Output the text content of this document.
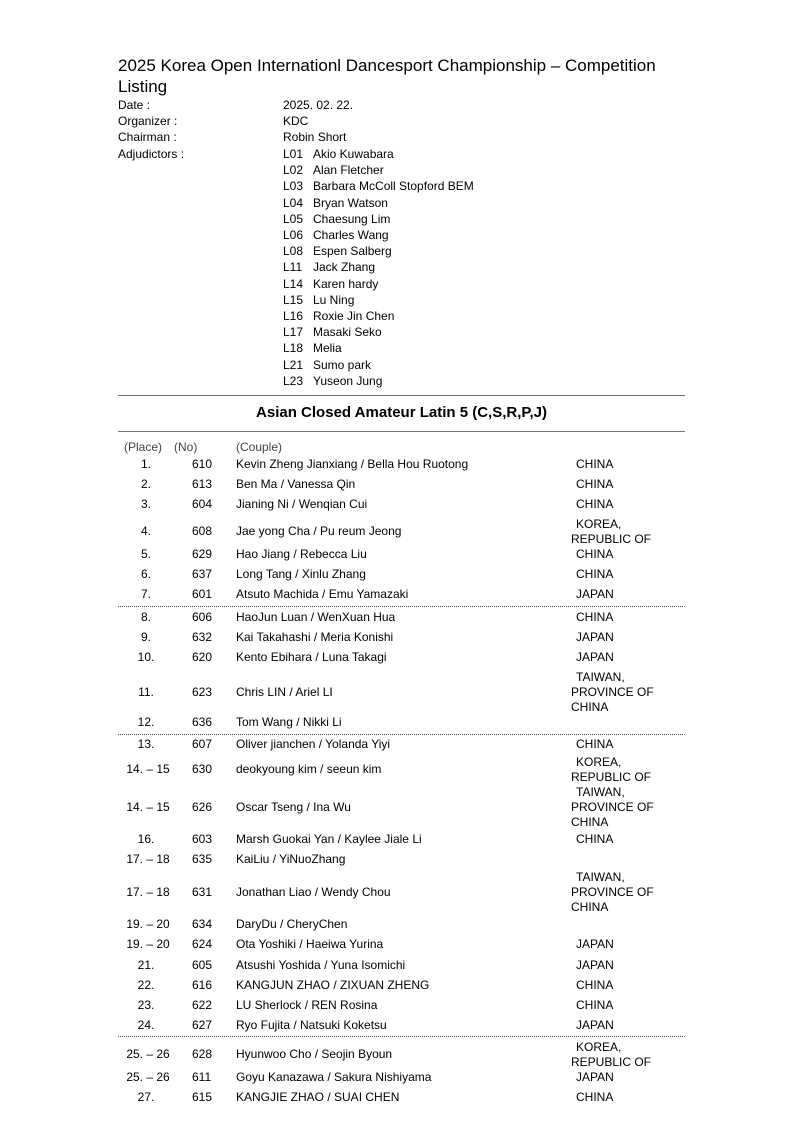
2025 Korea Open Internationl Dancesport Championship – Competition Listing
Date :	2025. 02. 22.
Organizer :	KDC
Chairman :	Robin Short
Adjudictors :	L01 Akio Kuwabara
L02 Alan Fletcher
L03 Barbara McColl Stopford BEM
L04 Bryan Watson
L05 Chaesung Lim
L06 Charles Wang
L08 Espen Salberg
L11 Jack Zhang
L14 Karen hardy
L15 Lu Ning
L16 Roxie Jin Chen
L17 Masaki Seko
L18 Melia
L21 Sumo park
L23 Yuseon Jung
Asian Closed Amateur Latin 5 (C,S,R,P,J)
(Place) (No)	(Couple)
1.	610 Kevin Zheng Jianxiang / Bella Hou Ruotong	CHINA
2.	613 Ben Ma / Vanessa Qin	CHINA
3.	604 Jianing Ni / Wenqian Cui	CHINA
4.	608 Jae yong Cha / Pu reum Jeong	KOREA,
REPUBLIC OF
5.	629 Hao Jiang / Rebecca Liu	CHINA
6.	637 Long Tang / Xinlu Zhang	CHINA
7.	601 Atsuto Machida / Emu Yamazaki	JAPAN
8.	606 HaoJun Luan / WenXuan Hua	CHINA
9.	632 Kai Takahashi / Meria Konishi	JAPAN
10.	620 Kento Ebihara / Luna Takagi	JAPAN
11.	623 Chris LIN / Ariel LI
TAIWAN,
PROVINCE OF
CHINA
12.	636 Tom Wang / Nikki Li
13.	607 Oliver jianchen / Yolanda Yiyi	CHINA
14. – 15	630 deokyoung kim / seeun kim	KOREA,
REPUBLIC OF
14. – 15	626 Oscar Tseng / Ina Wu
TAIWAN,
PROVINCE OF
CHINA
16.	603 Marsh Guokai Yan / Kaylee Jiale Li	CHINA
17. – 18	635 KaiLiu / YiNuoZhang
17. – 18	631 Jonathan Liao / Wendy Chou
TAIWAN,
PROVINCE OF
CHINA
19. – 20	634 DaryDu / CheryChen
19. – 20	624 Ota Yoshiki / Haeiwa Yurina	JAPAN
21.	605 Atsushi Yoshida / Yuna Isomichi	JAPAN
22.	616 KANGJUN ZHAO / ZIXUAN ZHENG	CHINA
23.	622 LU Sherlock / REN Rosina	CHINA
24.	627 Ryo Fujita / Natsuki Koketsu	JAPAN
25. – 26	628 Hyunwoo Cho / Seojin Byoun	KOREA,
REPUBLIC OF
25. – 26	611 Goyu Kanazawa / Sakura Nishiyama	JAPAN
27.	615 KANGJIE ZHAO / SUAI CHEN	CHINA
